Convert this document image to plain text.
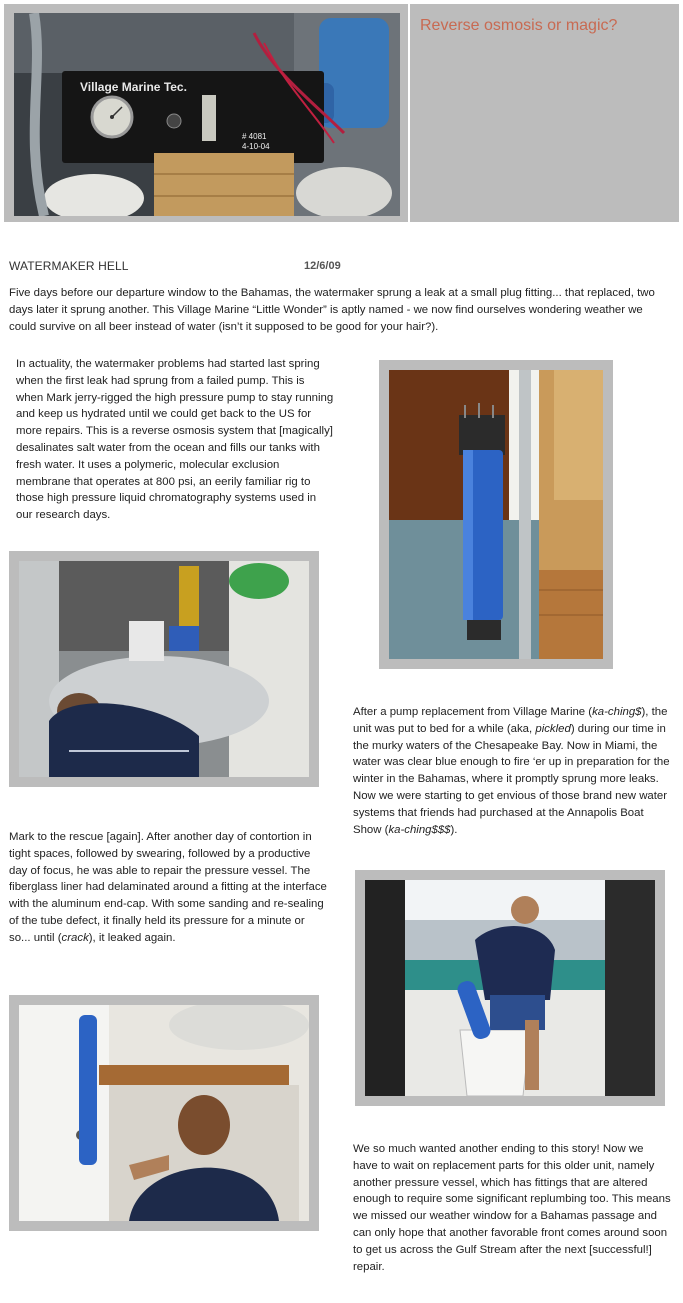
Village Marine Tec.
# 4081 4-10-04
Reverse osmosis or magic?
WATERMAKER HELL	12/6/09
Five days before our departure window to the Bahamas, the watermaker sprung a leak at a small plug fitting... that replaced, two days later it sprung another. This Village Marine “Little Wonder” is aptly named - we now find ourselves wondering weather we could survive on all beer instead of water (isn’t it supposed to be good for your hair?).
In actuality, the watermaker problems had started last spring when the first leak had sprung from a failed pump. This is when Mark jerry-rigged the high pressure pump to stay running and keep us hydrated until we could get back to the US for more repairs. This is a reverse osmosis system that [magically] desalinates salt water from the ocean and fills our tanks with fresh water. It uses a polymeric, molecular exclusion membrane that operates at 800 psi, an eerily familiar rig to those high pressure liquid chromatography systems used in our research days.
After a pump replacement from Village Marine (ka-ching$), the unit was put to bed for a while (aka, pickled) during our time in the murky waters of the Chesapeake Bay. Now in Miami, the water was clear blue enough to fire ‘er up in preparation for the winter in the Bahamas, where it promptly sprung more leaks. Now we were starting to get envious of those brand new water systems that friends had purchased at the Annapolis Boat Show (ka-ching$$$).
Mark to the rescue [again]. After another day of contortion in tight spaces, followed by swearing, followed by a productive day of focus, he was able to repair the pressure vessel. The fiberglass liner had delaminated around a fitting at the interface with the aluminum end-cap. With some sanding and re-sealing of the tube defect, it finally held its pressure for a minute or so... until (crack), it leaked again.
We so much wanted another ending to this story! Now we have to wait on replacement parts for this older unit, namely another pressure vessel, which has fittings that are altered enough to require some significant replumbing too. This means we missed our weather window for a Bahamas passage and can only hope that another favorable front comes around soon to get us across the Gulf Stream after the next [successful!] repair.
